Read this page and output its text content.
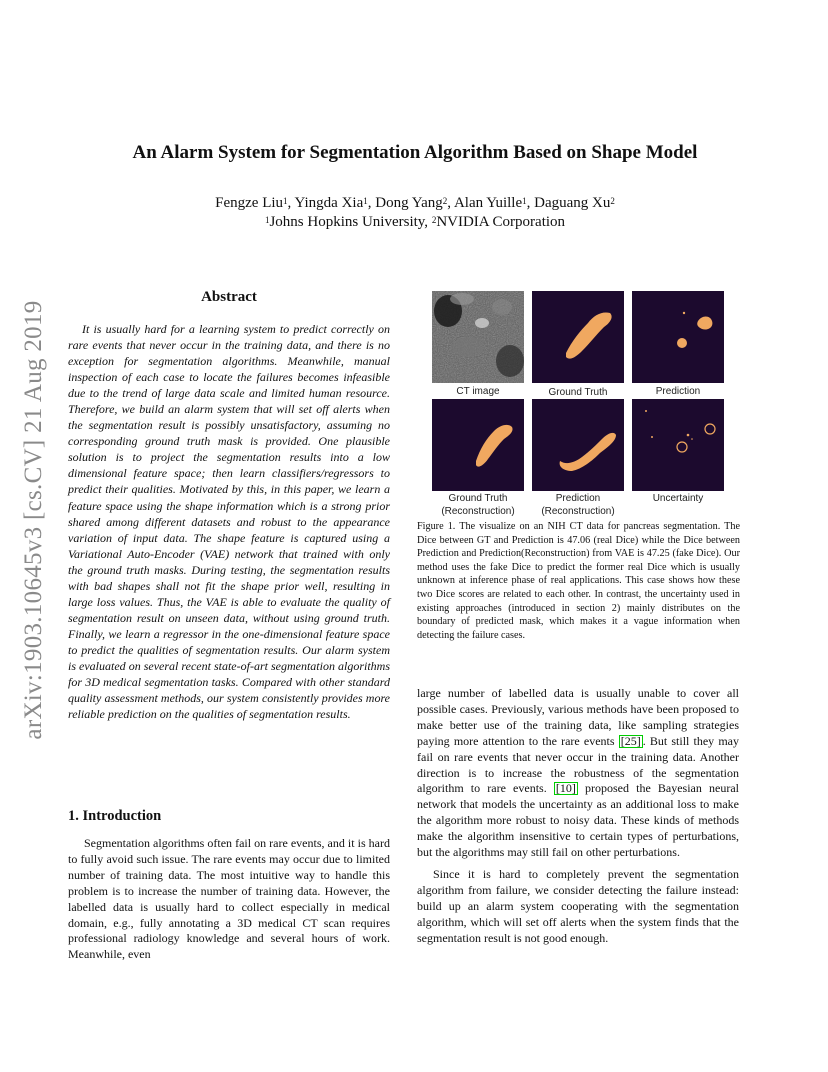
arXiv:1903.10645v3 [cs.CV] 21 Aug 2019
An Alarm System for Segmentation Algorithm Based on Shape Model
Fengze Liu$^1$, Yingda Xia$^1$, Dong Yang$^2$, Alan Yuille$^1$, Daguang Xu$^2$
$^1$Johns Hopkins University, $^2$NVIDIA Corporation
Abstract
It is usually hard for a learning system to predict correctly on rare events that never occur in the training data, and there is no exception for segmentation algorithms. Meanwhile, manual inspection of each case to locate the failures becomes infeasible due to the trend of large data scale and limited human resource. Therefore, we build an alarm system that will set off alerts when the segmentation result is possibly unsatisfactory, assuming no corresponding ground truth mask is provided. One plausible solution is to project the segmentation results into a low dimensional feature space; then learn classifiers/regressors to predict their qualities. Motivated by this, in this paper, we learn a feature space using the shape information which is a strong prior shared among different datasets and robust to the appearance variation of input data. The shape feature is captured using a Variational Auto-Encoder (VAE) network that trained with only the ground truth masks. During testing, the segmentation results with bad shapes shall not fit the shape prior well, resulting in large loss values. Thus, the VAE is able to evaluate the quality of segmentation result on unseen data, without using ground truth. Finally, we learn a regressor in the one-dimensional feature space to predict the qualities of segmentation results. Our alarm system is evaluated on several recent state-of-art segmentation algorithms for 3D medical segmentation tasks. Compared with other standard quality assessment methods, our system consistently provides more reliable prediction on the qualities of segmentation results.
1. Introduction
Segmentation algorithms often fail on rare events, and it is hard to fully avoid such issue. The rare events may occur due to limited number of training data. The most intuitive way to handle this problem is to increase the number of training data. However, the labelled data is usually hard to collect especially in medical domain, e.g., fully annotating a 3D medical CT scan requires professional radiology knowledge and several hours of work. Meanwhile, even
CT image	Ground Truth	Prediction
Ground Truth
(Reconstruction)
Prediction
(Reconstruction)
Uncertainty
Figure 1. The visualize on an NIH CT data for pancreas segmentation. The Dice between GT and Prediction is 47.06 (real Dice) while the Dice between Prediction and Prediction(Reconstruction) from VAE is 47.25 (fake Dice). Our method uses the fake Dice to predict the former real Dice which is usually unknown at inference phase of real applications. This case shows how these two Dice scores are related to each other. In contrast, the uncertainty used in existing approaches (introduced in section 2) mainly distributes on the boundary of predicted mask, which makes it a vague information when detecting the failure cases.

large number of labelled data is usually unable to cover all possible cases. Previously, various methods have been proposed to make better use of the training data, like sampling strategies paying more attention to the rare events [25] . But still they may fail on rare events that never occur in the training data. Another direction is to increase the robustness of the segmentation algorithm to rare events. [10] proposed the Bayesian neural network that models the uncertainty as an additional loss to make the algorithm more robust to noisy data. These kinds of methods make the algorithm insensitive to certain types of perturbations, but the algorithms may still fail on other perturbations.

Since it is hard to completely prevent the segmentation algorithm from failure, we consider detecting the failure instead: build up an alarm system cooperating with the segmentation algorithm, which will set off alerts when the system finds that the segmentation result is not good enough.
